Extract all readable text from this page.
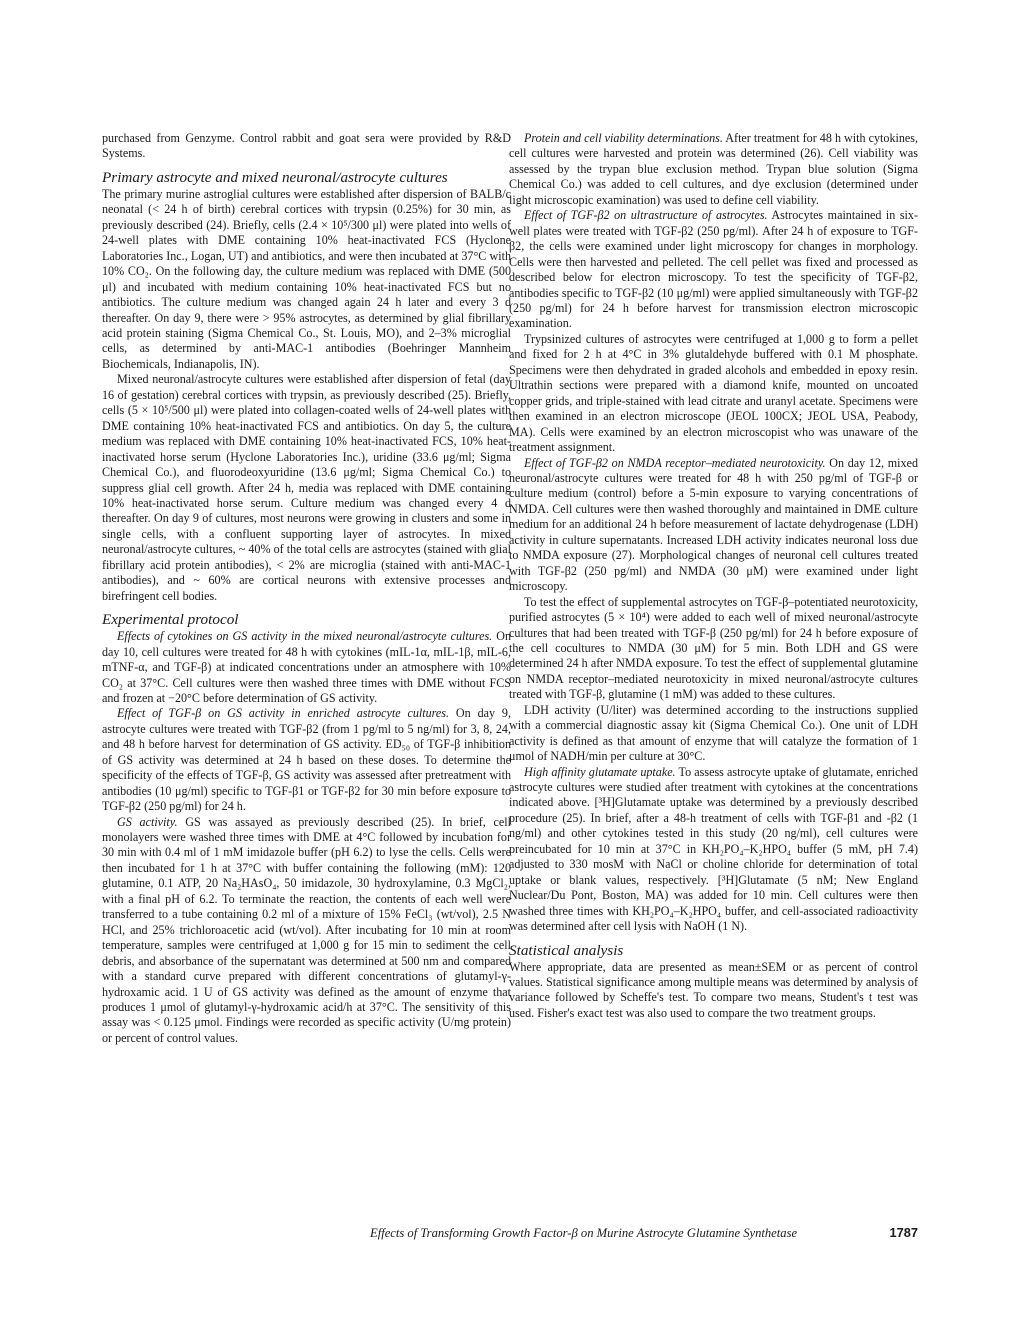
purchased from Genzyme. Control rabbit and goat sera were provided by R&D Systems.

Primary astrocyte and mixed neuronal/astrocyte cultures

The primary murine astroglial cultures were established after dispersion of BALB/c neonatal (< 24 h of birth) cerebral cortices with trypsin (0.25%) for 30 min, as previously described (24). Briefly, cells (2.4 × 10⁵/300 μl) were plated into wells of 24-well plates with DME containing 10% heat-inactivated FCS (Hyclone Laboratories Inc., Logan, UT) and antibiotics, and were then incubated at 37°C with 10% CO₂. On the following day, the culture medium was replaced with DME (500 μl) and incubated with medium containing 10% heat-inactivated FCS but no antibiotics. The culture medium was changed again 24 h later and every 3 d thereafter. On day 9, there were > 95% astrocytes, as determined by glial fibrillary acid protein staining (Sigma Chemical Co., St. Louis, MO), and 2–3% microglial cells, as determined by anti-MAC-1 antibodies (Boehringer Mannheim Biochemicals, Indianapolis, IN).

Mixed neuronal/astrocyte cultures were established after dispersion of fetal (day 16 of gestation) cerebral cortices with trypsin, as previously described (25). Briefly, cells (5 × 10⁵/500 μl) were plated into collagen-coated wells of 24-well plates with DME containing 10% heat-inactivated FCS and antibiotics. On day 5, the culture medium was replaced with DME containing 10% heat-inactivated FCS, 10% heat-inactivated horse serum (Hyclone Laboratories Inc.), uridine (33.6 μg/ml; Sigma Chemical Co.), and fluorodeoxyuridine (13.6 μg/ml; Sigma Chemical Co.) to suppress glial cell growth. After 24 h, media was replaced with DME containing 10% heat-inactivated horse serum. Culture medium was changed every 4 d thereafter. On day 9 of cultures, most neurons were growing in clusters and some in single cells, with a confluent supporting layer of astrocytes. In mixed neuronal/astrocyte cultures, ~ 40% of the total cells are astrocytes (stained with glial fibrillary acid protein antibodies), < 2% are microglia (stained with anti-MAC-1 antibodies), and ~ 60% are cortical neurons with extensive processes and birefringent cell bodies.

Experimental protocol

Effects of cytokines on GS activity in the mixed neuronal/astrocyte cultures. On day 10, cell cultures were treated for 48 h with cytokines (mIL-1α, mIL-1β, mIL-6, mTNF-α, and TGF-β) at indicated concentrations under an atmosphere with 10% CO₂ at 37°C. Cell cultures were then washed three times with DME without FCS and frozen at −20°C before determination of GS activity.

Effect of TGF-β on GS activity in enriched astrocyte cultures. On day 9, astrocyte cultures were treated with TGF-β2 (from 1 pg/ml to 5 ng/ml) for 3, 8, 24, and 48 h before harvest for determination of GS activity. ED₅₀ of TGF-β inhibition of GS activity was determined at 24 h based on these doses. To determine the specificity of the effects of TGF-β, GS activity was assessed after pretreatment with antibodies (10 μg/ml) specific to TGF-β1 or TGF-β2 for 30 min before exposure to TGF-β2 (250 pg/ml) for 24 h.

GS activity. GS was assayed as previously described (25). In brief, cell monolayers were washed three times with DME at 4°C followed by incubation for 30 min with 0.4 ml of 1 mM imidazole buffer (pH 6.2) to lyse the cells. Cells were then incubated for 1 h at 37°C with buffer containing the following (mM): 120 glutamine, 0.1 ATP, 20 Na₂HAsO₄, 50 imidazole, 30 hydroxylamine, 0.3 MgCl₂, with a final pH of 6.2. To terminate the reaction, the contents of each well were transferred to a tube containing 0.2 ml of a mixture of 15% FeCl₃ (wt/vol), 2.5 N HCl, and 25% trichloroacetic acid (wt/vol). After incubating for 10 min at room temperature, samples were centrifuged at 1,000 g for 15 min to sediment the cell debris, and absorbance of the supernatant was determined at 500 nm and compared with a standard curve prepared with different concentrations of glutamyl-γ-hydroxamic acid. 1 U of GS activity was defined as the amount of enzyme that produces 1 μmol of glutamyl-γ-hydroxamic acid/h at 37°C. The sensitivity of this assay was < 0.125 μmol. Findings were recorded as specific activity (U/mg protein) or percent of control values.

Protein and cell viability determinations. After treatment for 48 h with cytokines, cell cultures were harvested and protein was determined (26). Cell viability was assessed by the trypan blue exclusion method. Trypan blue solution (Sigma Chemical Co.) was added to cell cultures, and dye exclusion (determined under light microscopic examination) was used to define cell viability.

Effect of TGF-β2 on ultrastructure of astrocytes. Astrocytes maintained in six-well plates were treated with TGF-β2 (250 pg/ml). After 24 h of exposure to TGF-β2, the cells were examined under light microscopy for changes in morphology. Cells were then harvested and pelleted. The cell pellet was fixed and processed as described below for electron microscopy. To test the specificity of TGF-β2, antibodies specific to TGF-β2 (10 μg/ml) were applied simultaneously with TGF-β2 (250 pg/ml) for 24 h before harvest for transmission electron microscopic examination.

Trypsinized cultures of astrocytes were centrifuged at 1,000 g to form a pellet and fixed for 2 h at 4°C in 3% glutaldehyde buffered with 0.1 M phosphate. Specimens were then dehydrated in graded alcohols and embedded in epoxy resin. Ultrathin sections were prepared with a diamond knife, mounted on uncoated copper grids, and triple-stained with lead citrate and uranyl acetate. Specimens were then examined in an electron microscope (JEOL 100CX; JEOL USA, Peabody, MA). Cells were examined by an electron microscopist who was unaware of the treatment assignment.

Effect of TGF-β2 on NMDA receptor–mediated neurotoxicity. On day 12, mixed neuronal/astrocyte cultures were treated for 48 h with 250 pg/ml of TGF-β or culture medium (control) before a 5-min exposure to varying concentrations of NMDA. Cell cultures were then washed thoroughly and maintained in DME culture medium for an additional 24 h before measurement of lactate dehydrogenase (LDH) activity in culture supernatants. Increased LDH activity indicates neuronal loss due to NMDA exposure (27). Morphological changes of neuronal cell cultures treated with TGF-β2 (250 pg/ml) and NMDA (30 μM) were examined under light microscopy.

To test the effect of supplemental astrocytes on TGF-β–potentiated neurotoxicity, purified astrocytes (5 × 10⁴) were added to each well of mixed neuronal/astrocyte cultures that had been treated with TGF-β (250 pg/ml) for 24 h before exposure of the cell cocultures to NMDA (30 μM) for 5 min. Both LDH and GS were determined 24 h after NMDA exposure. To test the effect of supplemental glutamine on NMDA receptor–mediated neurotoxicity in mixed neuronal/astrocyte cultures treated with TGF-β, glutamine (1 mM) was added to these cultures.

LDH activity (U/liter) was determined according to the instructions supplied with a commercial diagnostic assay kit (Sigma Chemical Co.). One unit of LDH activity is defined as that amount of enzyme that will catalyze the formation of 1 μmol of NADH/min per culture at 30°C.

High affinity glutamate uptake. To assess astrocyte uptake of glutamate, enriched astrocyte cultures were studied after treatment with cytokines at the concentrations indicated above. [³H]Glutamate uptake was determined by a previously described procedure (25). In brief, after a 48-h treatment of cells with TGF-β1 and -β2 (1 ng/ml) and other cytokines tested in this study (20 ng/ml), cell cultures were preincubated for 10 min at 37°C in KH₂PO₄–K₂HPO₄ buffer (5 mM, pH 7.4) adjusted to 330 mosM with NaCl or choline chloride for determination of total uptake or blank values, respectively. [³H]Glutamate (5 nM; New England Nuclear/Du Pont, Boston, MA) was added for 10 min. Cell cultures were then washed three times with KH₂PO₄–K₂HPO₄ buffer, and cell-associated radioactivity was determined after cell lysis with NaOH (1 N).

Statistical analysis

Where appropriate, data are presented as mean±SEM or as percent of control values. Statistical significance among multiple means was determined by analysis of variance followed by Scheffe's test. To compare two means, Student's t test was used. Fisher's exact test was also used to compare the two treatment groups.

Effects of Transforming Growth Factor-β on Murine Astrocyte Glutamine Synthetase	1787
